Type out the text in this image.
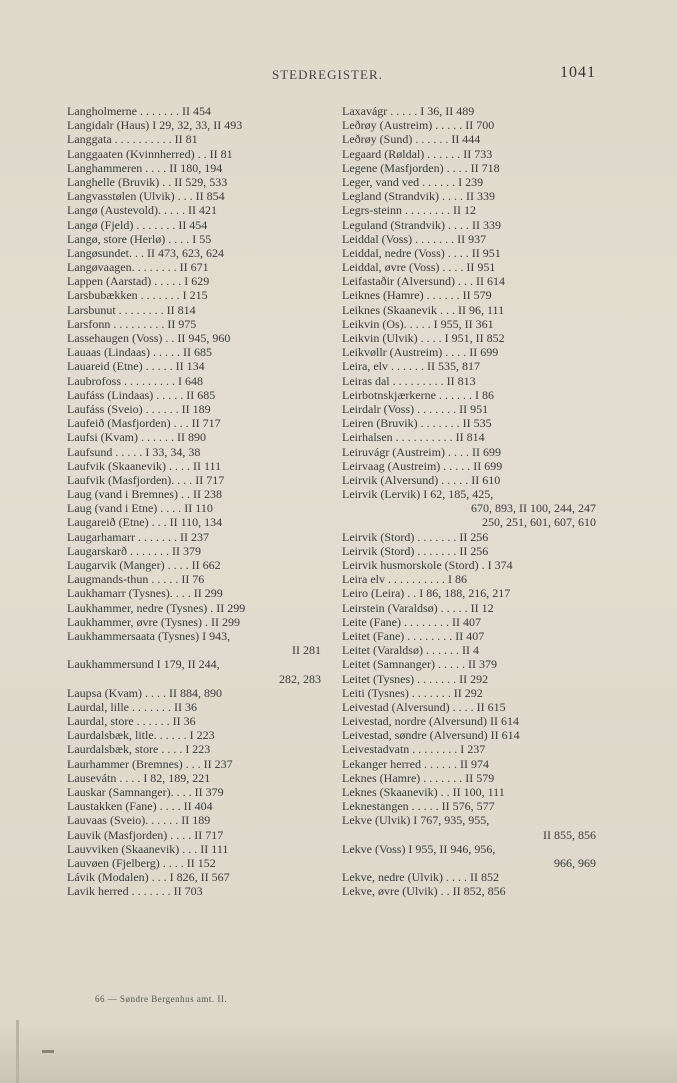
STEDREGISTER.	1041
Langholmerne . . . . . . . II 454
Langidalr (Haus) I 29, 32, 33, II 493
Langgata . . . . . . . . . . II 81
Langgaaten (Kvinnherred) . . II 81
Langhammeren . . . . II 180, 194
Langhelle (Bruvik) . . II 529, 533
Langvasstølen (Ulvik) . . . II 854
Langø (Austevold). . . . . II 421
Langø (Fjeld) . . . . . . . II 454
Langø, store (Herlø) . . . . I 55
Langøsundet. . . II 473, 623, 624
Langøvaagen. . . . . . . . II 671
Lappen (Aarstad) . . . . . I 629
Larsbubækken . . . . . . . I 215
Larsbunut . . . . . . . . II 814
Larsfonn . . . . . . . . . II 975
Lassehaugen (Voss) . . II 945, 960
Lauaas (Lindaas) . . . . . II 685
Lauareid (Etne) . . . . . II 134
Laubrofoss . . . . . . . . . I 648
Laufáss (Lindaas) . . . . . II 685
Laufáss (Sveio) . . . . . . II 189
Laufeið (Masfjorden) . . . II 717
Laufsi (Kvam) . . . . . . II 890
Laufsund . . . . . I 33, 34, 38
Laufvik (Skaanevik) . . . . II 111
Laufvik (Masfjorden). . . . II 717
Laug (vand i Bremnes) . . II 238
Laug (vand i Etne) . . . . II 110
Laugareið (Etne) . . . II 110, 134
Laugarhamarr . . . . . . . II 237
Laugarskarð . . . . . . . II 379
Laugarvik (Manger) . . . . II 662
Laugmands-thun . . . . . II 76
Laukhamarr (Tysnes). . . . II 299
Laukhammer, nedre (Tysnes) . II 299
Laukhammer, øvre (Tysnes) . II 299
Laukhammersaata (Tysnes) I 943,
II 281
Laukhammersund I 179, II 244,
282, 283
Laupsa (Kvam) . . . . II 884, 890
Laurdal, lille . . . . . . . II 36
Laurdal, store . . . . . . II 36
Laurdalsbæk, litle. . . . . . I 223
Laurdalsbæk, store . . . . I 223
Laurhammer (Bremnes) . . . II 237
Lausevátn . . . . I 82, 189, 221
Lauskar (Samnanger). . . . II 379
Laustakken (Fane) . . . . II 404
Lauvaas (Sveio). . . . . . II 189
Lauvik (Masfjorden) . . . . II 717
Lauvviken (Skaanevik) . . . II 111
Lauvøen (Fjelberg) . . . . II 152
Lávik (Modalen) . . . I 826, II 567
Lavik herred . . . . . . . II 703
Laxavágr . . . . . I 36, II 489
Leðrøy (Austreim) . . . . . II 700
Leðrøy (Sund) . . . . . . II 444
Legaard (Røldal) . . . . . . II 733
Legene (Masfjorden) . . . . II 718
Leger, vand ved . . . . . . I 239
Legland (Strandvik) . . . . II 339
Legrs-steinn . . . . . . . . II 12
Leguland (Strandvik) . . . . II 339
Leiddal (Voss) . . . . . . . II 937
Leiddal, nedre (Voss) . . . . II 951
Leiddal, øvre (Voss) . . . . II 951
Leifastaðir (Alversund) . . . II 614
Leiknes (Hamre) . . . . . . II 579
Leiknes (Skaanevik . . . II 96, 111
Leikvin (Os). . . . . I 955, II 361
Leikvin (Ulvik) . . . . I 951, II 852
Leikvøllr (Austreim) . . . . II 699
Leira, elv . . . . . . II 535, 817
Leiras dal . . . . . . . . . II 813
Leirbotnskjærkerne . . . . . . I 86
Leirdalr (Voss) . . . . . . . II 951
Leiren (Bruvik) . . . . . . . II 535
Leirhalsen . . . . . . . . . . II 814
Leiruvágr (Austreim) . . . . II 699
Leirvaag (Austreim) . . . . . II 699
Leirvik (Alversund) . . . . . II 610
Leirvik (Lervik) I 62, 185, 425,
670, 893, II 100, 244, 247
250, 251, 601, 607, 610
Leirvik (Stord) . . . . . . . II 256
Leirvik (Stord) . . . . . . . II 256
Leirvik husmorskole (Stord) . I 374
Leira elv . . . . . . . . . . I 86
Leiro (Leira) . . I 86, 188, 216, 217
Leirstein (Varaldsø) . . . . . II 12
Leite (Fane) . . . . . . . . II 407
Leitet (Fane) . . . . . . . . II 407
Leitet (Varaldsø) . . . . . . II 4
Leitet (Samnanger) . . . . . II 379
Leitet (Tysnes) . . . . . . . II 292
Leiti (Tysnes) . . . . . . . II 292
Leivestad (Alversund) . . . . II 615
Leivestad, nordre (Alversund) II 614
Leivestad, søndre (Alversund) II 614
Leivestadvatn . . . . . . . . I 237
Lekanger herred . . . . . . II 974
Leknes (Hamre) . . . . . . . II 579
Leknes (Skaanevik) . . II 100, 111
Leknestangen . . . . . II 576, 577
Lekve (Ulvik) I 767, 935, 955,
II 855, 856
Lekve (Voss) I 955, II 946, 956,
966, 969
Lekve, nedre (Ulvik) . . . . II 852
Lekve, øvre (Ulvik) . . II 852, 856
66 — Søndre Bergenhus amt. II.
